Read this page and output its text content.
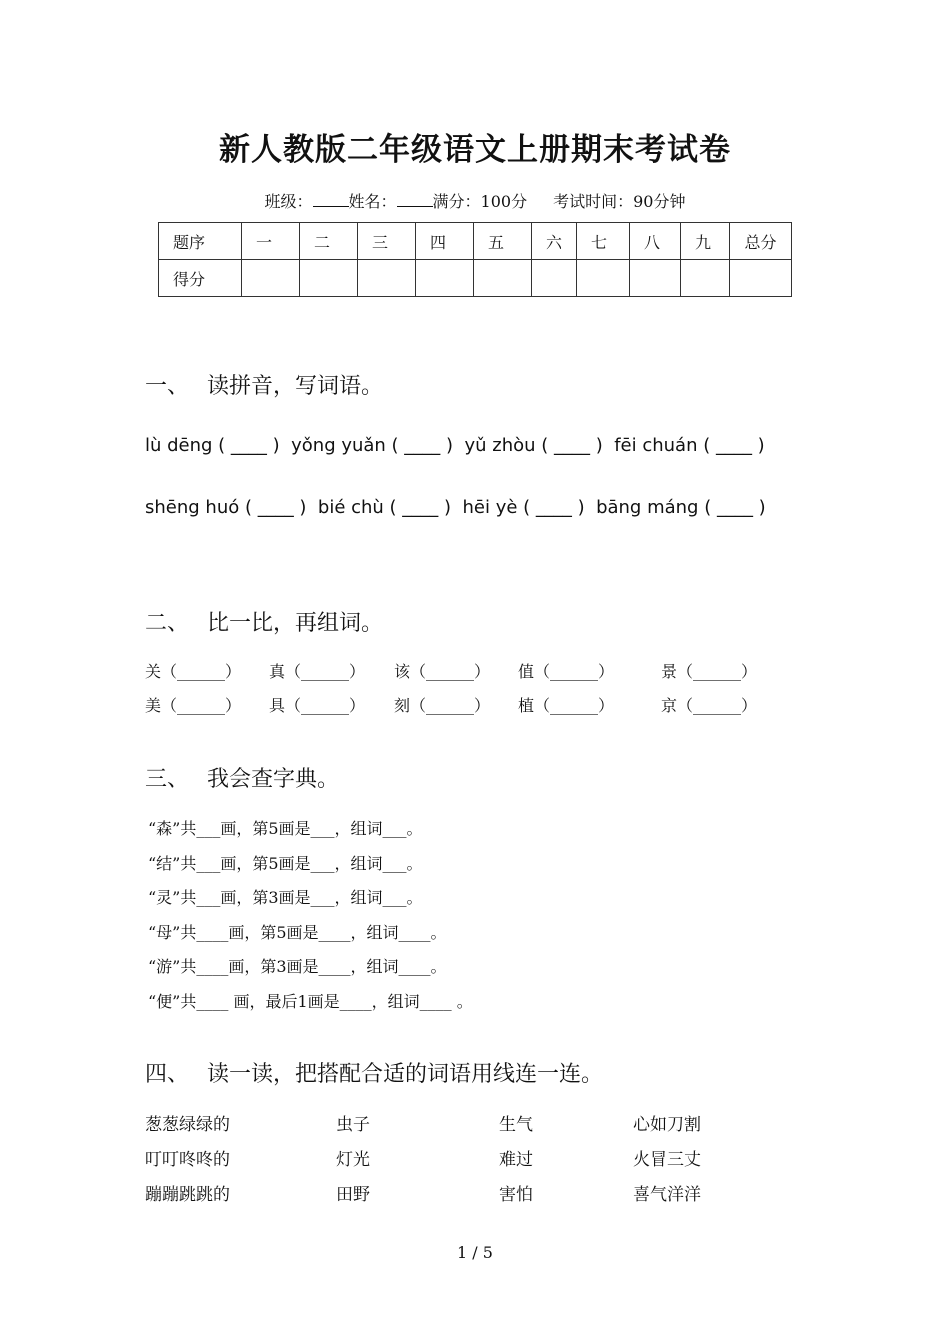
新人教版二年级语文上册期末考试卷
班级： 姓名： 满分：100分 考试时间：90分钟
题序	一	二	三	四	五	六	七	八	九	总分
得分										
一、 读拼音，写词语。
lù dēng ( ____ )  yǒng yuǎn ( ____ )  yǔ zhòu ( ____ )  fēi chuán ( ____ )
shēng huó ( ____ )  bié chù ( ____ )  hēi yè ( ____ )  bāng máng ( ____ )
二、 比一比，再组词。
关（______） 真（______） 该（______） 值（______）	景（______）
美（______） 具（______） 刻（______） 植（______）	京（______）
三、 我会查字典。
“森”共___画，第5画是___，组词___。
“结”共___画，第5画是___，组词___。
“灵”共___画，第3画是___，组词___。
“母”共____画，第5画是____，组词____。
“游”共____画，第3画是____，组词____。
“便”共____ 画，最后1画是____，组词____ 。
四、 读一读，把搭配合适的词语用线连一连。
葱葱绿绿的	虫子	生气	心如刀割
叮叮咚咚的	灯光	难过	火冒三丈
蹦蹦跳跳的	田野	害怕	喜气洋洋
1 / 5
